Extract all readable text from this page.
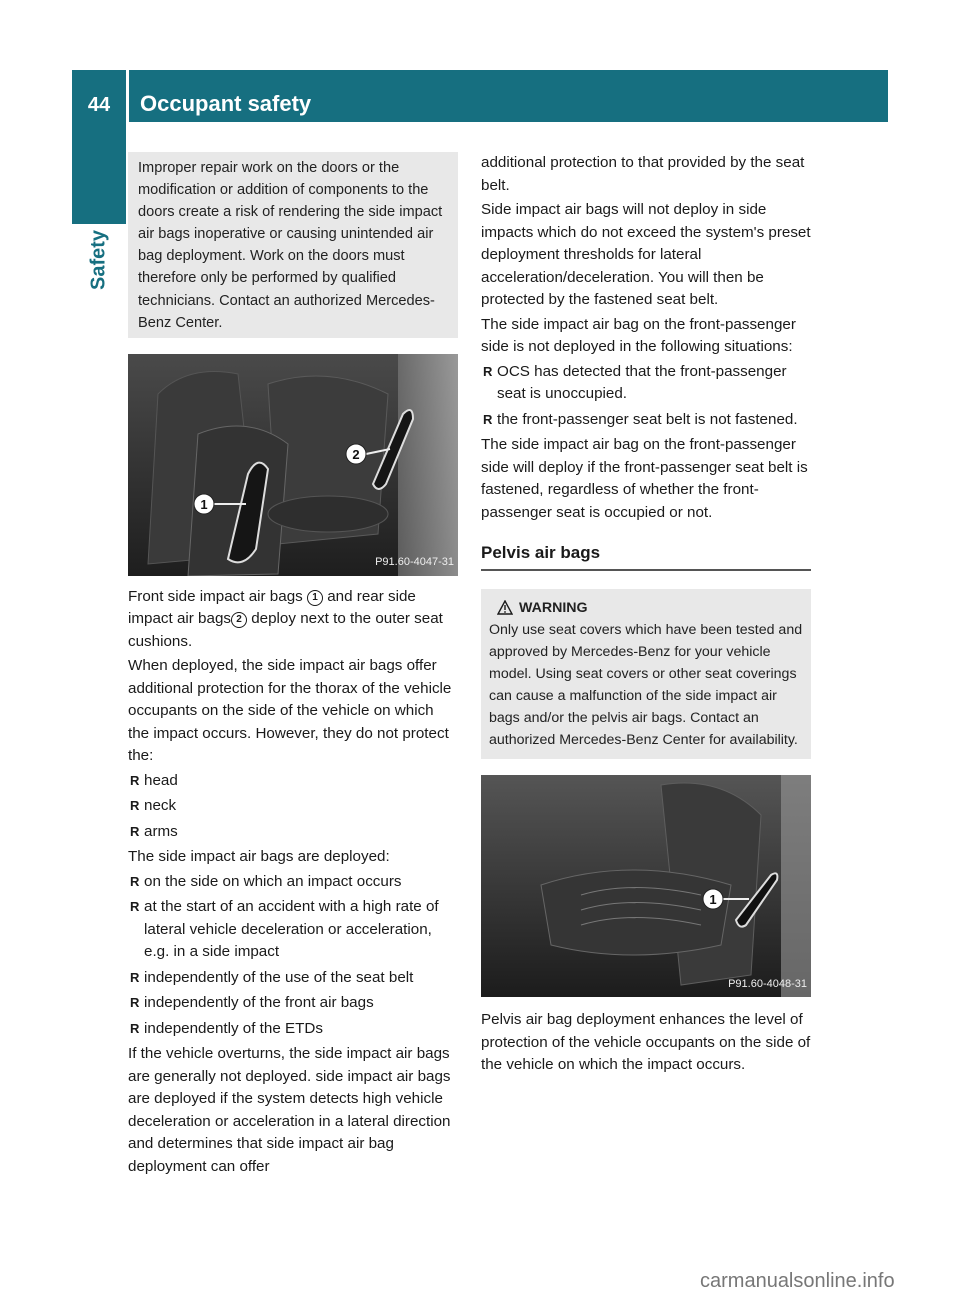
44	Occupant safety
Safety

Improper repair work on the doors or the modification or addition of components to the doors create a risk of rendering the side impact air bags inoperative or causing unintended air bag deployment. Work on the doors must therefore only be performed by qualified technicians. Contact an authorized Mercedes-Benz Center.

1
2
P91.60-4047-31

Front side impact air bags 1 and rear side impact air bags 2 deploy next to the outer seat cushions.

When deployed, the side impact air bags offer additional protection for the thorax of the vehicle occupants on the side of the vehicle on which the impact occurs. However, they do not protect the:

R head
R neck
R arms

The side impact air bags are deployed:

R on the side on which an impact occurs
R at the start of an accident with a high rate of lateral vehicle deceleration or acceleration, e.g. in a side impact
R independently of the use of the seat belt
R independently of the front air bags
R independently of the ETDs

If the vehicle overturns, the side impact air bags are generally not deployed. side impact air bags are deployed if the system detects high vehicle deceleration or acceleration in a lateral direction and determines that side impact air bag deployment can offer

additional protection to that provided by the seat belt.

Side impact air bags will not deploy in side impacts which do not exceed the system's preset deployment thresholds for lateral acceleration/deceleration. You will then be protected by the fastened seat belt.

The side impact air bag on the front-passenger side is not deployed in the following situations:

R OCS has detected that the front-passenger seat is unoccupied.
R the front-passenger seat belt is not fastened.

The side impact air bag on the front-passenger side will deploy if the front-passenger seat belt is fastened, regardless of whether the front-passenger seat is occupied or not.

Pelvis air bags
WARNING

Only use seat covers which have been tested and approved by Mercedes-Benz for your vehicle model. Using seat covers or other seat coverings can cause a malfunction of the side impact air bags and/or the pelvis air bags. Contact an authorized Mercedes-Benz Center for availability.

1
P91.60-4048-31

Pelvis air bag deployment enhances the level of protection of the vehicle occupants on the side of the vehicle on which the impact occurs.

carmanualsonline.info
